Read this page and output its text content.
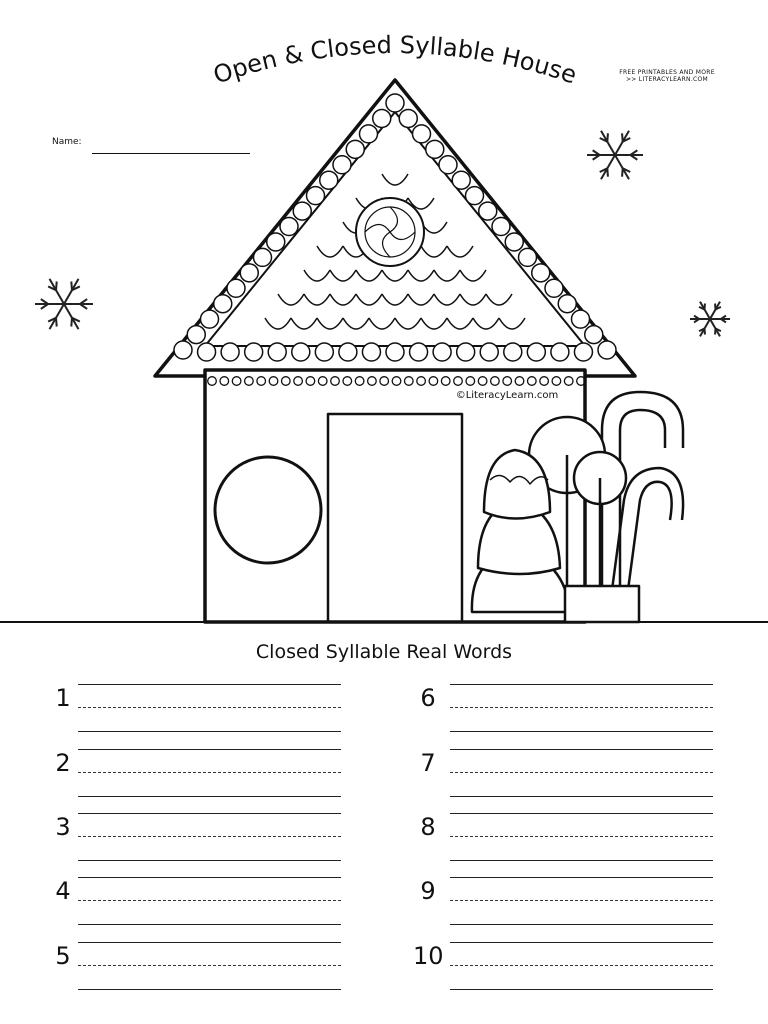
Open & Closed Syllable House	FREE PRINTABLES AND MORE
>> LITERACYLEARN.COM
Name:
©LiteracyLearn.com
Closed Syllable Real Words
1
2
3
4
5
6
7
8
9
10
